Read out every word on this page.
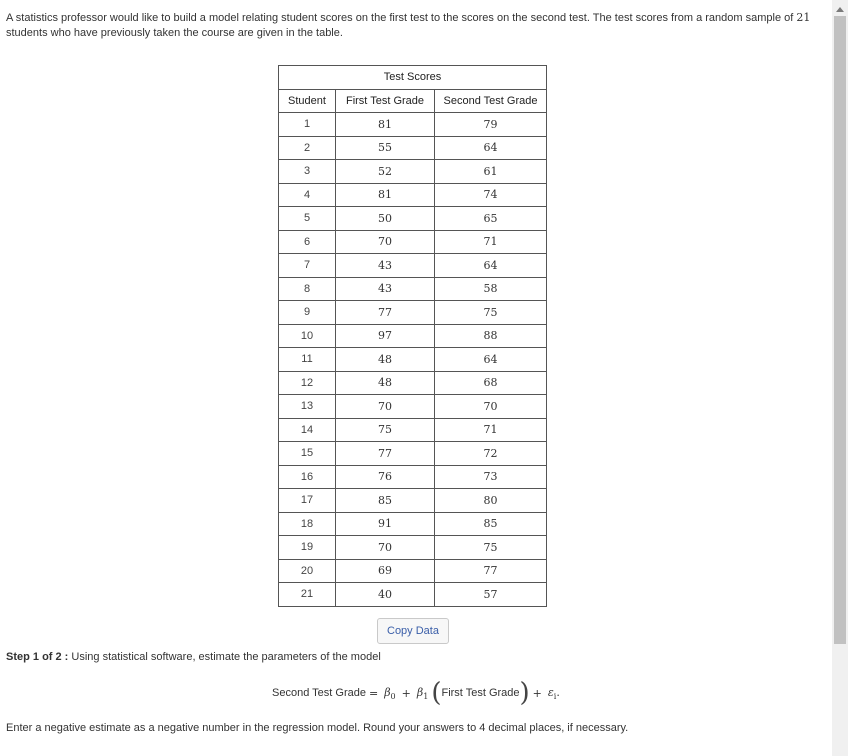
A statistics professor would like to build a model relating student scores on the first test to the scores on the second test. The test scores from a random sample of 21 students who have previously taken the course are given in the table.

Test Scores		
Student	First Test Grade	Second Test Grade
1	81	79
2	55	64
3	52	61
4	81	74
5	50	65
6	70	71
7	43	64
8	43	58
9	77	75
10	97	88
11	48	64
12	48	68
13	70	70
14	75	71
15	77	72
16	76	73
17	85	80
18	91	85
19	70	75
20	69	77
21	40	57
Copy Data
Step 1 of 2 : Using statistical software, estimate the parameters of the model
Second Test Grade = $\beta_0 + \beta_1$ ( First Test Grade ) + $\varepsilon_i$.
Enter a negative estimate as a negative number in the regression model. Round your answers to 4 decimal places, if necessary.
